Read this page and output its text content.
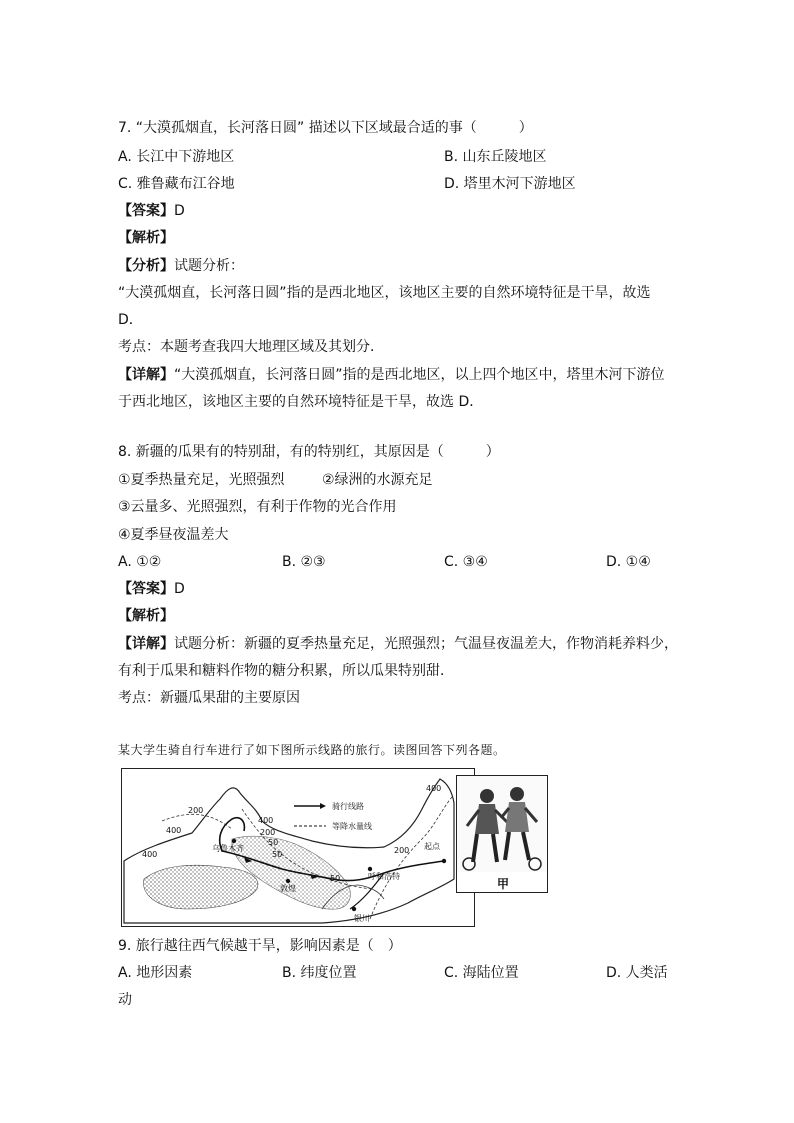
7. “大漠孤烟直，长河落日圆” 描述以下区域最合适的事（　　　）
A. 长江中下游地区	B. 山东丘陵地区
C. 雅鲁藏布江谷地	D. 塔里木河下游地区
【答案】D
【解析】
【分析】试题分析：
“大漠孤烟直，长河落日圆”指的是西北地区，该地区主要的自然环境特征是干旱，故选
D．
考点：本题考查我四大地理区域及其划分．
【详解】“大漠孤烟直，长河落日圆”指的是西北地区，以上四个地区中，塔里木河下游位
于西北地区，该地区主要的自然环境特征是干旱，故选 D．
8. 新疆的瓜果有的特别甜，有的特别红，其原因是（　　　）
①夏季热量充足，光照强烈	②绿洲的水源充足
③云量多、光照强烈，有利于作物的光合作用
④夏季昼夜温差大
A. ①②	B. ②③	C. ③④	D. ①④
【答案】D
【解析】
【详解】试题分析：新疆的夏季热量充足，光照强烈；气温昼夜温差大，作物消耗养料少，
有利于瓜果和糖料作物的糖分积累，所以瓜果特别甜．
考点：新疆瓜果甜的主要原因
某大学生骑自行车进行了如下图所示线路的旅行。读图回答下列各题。
骑行线路
等降水量线
乌鲁木齐
敦煌
银川
呼和浩特
起点
200
400
400
200
50
400	50	200
400
50	甲
9. 旅行越往西气候越干旱，影响因素是（　）
A. 地形因素	B. 纬度位置	C. 海陆位置	D. 人类活
动
